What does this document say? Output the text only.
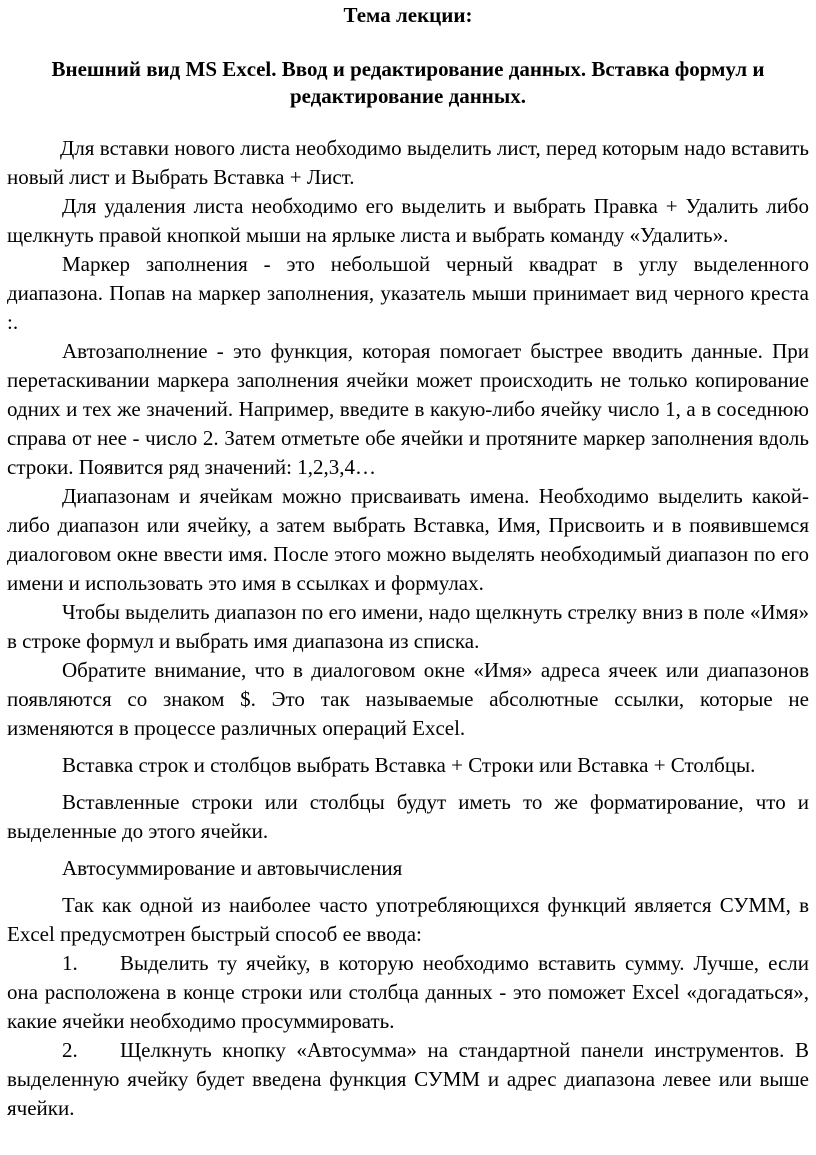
Тема лекции:

Внешний вид MS Excel. Ввод и редактирование данных. Вставка формул и редактирование данных.

Для вставки нового листа необходимо выделить лист, перед которым надо вставить новый лист и Выбрать Вставка + Лист.

Для удаления листа необходимо его выделить и выбрать Правка + Удалить либо щелкнуть правой кнопкой мыши на ярлыке листа и выбрать команду «Удалить».

Маркер заполнения - это небольшой черный квадрат в углу выделенного диапазона. Попав на маркер заполнения, указатель мыши принимает вид черного креста :.

Автозаполнение - это функция, которая помогает быстрее вводить данные. При перетаскивании маркера заполнения ячейки может происходить не только копирование одних и тех же значений. Например, введите в какую-либо ячейку число 1, а в соседнюю справа от нее - число 2. Затем отметьте обе ячейки и протяните маркер заполнения вдоль строки. Появится ряд значений: 1,2,3,4…

Диапазонам и ячейкам можно присваивать имена. Необходимо выделить какой-либо диапазон или ячейку, а затем выбрать Вставка, Имя, Присвоить и в появившемся диалоговом окне ввести имя. После этого можно выделять необходимый диапазон по его имени и использовать это имя в ссылках и формулах.

Чтобы выделить диапазон по его имени, надо щелкнуть стрелку вниз в поле «Имя» в строке формул и выбрать имя диапазона из списка.

Обратите внимание, что в диалоговом окне «Имя» адреса ячеек или диапазонов появляются со знаком $. Это так называемые абсолютные ссылки, которые не изменяются в процессе различных операций Excel.

Вставка строк и столбцов выбрать Вставка + Строки или Вставка + Столбцы.

Вставленные строки или столбцы будут иметь то же форматирование, что и выделенные до этого ячейки.

Автосуммирование и автовычисления

Так как одной из наиболее часто употребляющихся функций является СУММ, в Excel предусмотрен быстрый способ ее ввода:

1. Выделить ту ячейку, в которую необходимо вставить сумму. Лучше, если она расположена в конце строки или столбца данных - это поможет Excel «догадаться», какие ячейки необходимо просуммировать.

2. Щелкнуть кнопку «Автосумма» на стандартной панели инструментов. В выделенную ячейку будет введена функция СУММ и адрес диапазона левее или выше ячейки.
